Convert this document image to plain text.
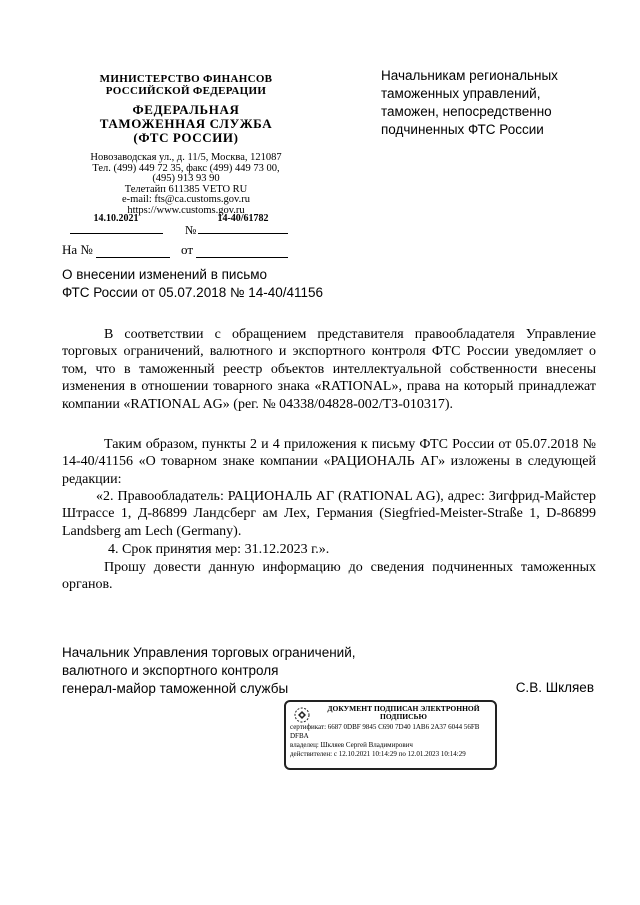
МИНИСТЕРСТВО ФИНАНСОВ
РОССИЙСКОЙ ФЕДЕРАЦИИ
ФЕДЕРАЛЬНАЯ
ТАМОЖЕННАЯ СЛУЖБА
(ФТС РОССИИ)
Новозаводская ул., д. 11/5, Москва, 121087
Тел. (499) 449 72 35, факс (499) 449 73 00,
(495) 913 93 90
Телетайп 611385 VETO RU
e-mail: fts@ca.customs.gov.ru
https://www.customs.gov.ru
14.10.2021
№
14-40/61782
На №	от
Начальникам региональных
таможенных управлений,
таможен, непосредственно
подчиненных ФТС России
О внесении изменений в письмо
ФТС России от 05.07.2018 № 14-40/41156
В соответствии с обращением представителя правообладателя Управление торговых ограничений, валютного и экспортного контроля ФТС России уведомляет о том, что в таможенный реестр объектов интеллектуальной собственности внесены изменения в отношении товарного знака «RATIONAL», права на который принадлежат компании «RATIONAL AG» (рег. № 04338/04828-002/ТЗ-010317).
Таким образом, пункты 2 и 4 приложения к письму ФТС России от 05.07.2018 № 14-40/41156 «О товарном знаке компании «РАЦИОНАЛЬ АГ» изложены в следующей редакции:
«2. Правообладатель: РАЦИОНАЛЬ АГ (RATIONAL AG), адрес: Зигфрид-Майстер Штрассе 1, Д-86899 Ландсберг ам Лех, Германия (Siegfried-Meister-Straße 1, D-86899 Landsberg am Lech (Germany).
4. Срок принятия мер: 31.12.2023 г.».
Прошу довести данную информацию до сведения подчиненных таможенных органов.
Начальник Управления торговых ограничений,
валютного и экспортного контроля
генерал-майор таможенной службы	С.В. Шкляев
ДОКУМЕНТ ПОДПИСАН ЭЛЕКТРОННОЙ
ПОДПИСЬЮ
сертификат: 6687 0DBF 9845 C690 7D40 1AB6 2A37 6044 56FB DFBA
владелец: Шкляев Сергей Владимирович
действителен: с 12.10.2021 10:14:29 по 12.01.2023 10:14:29
